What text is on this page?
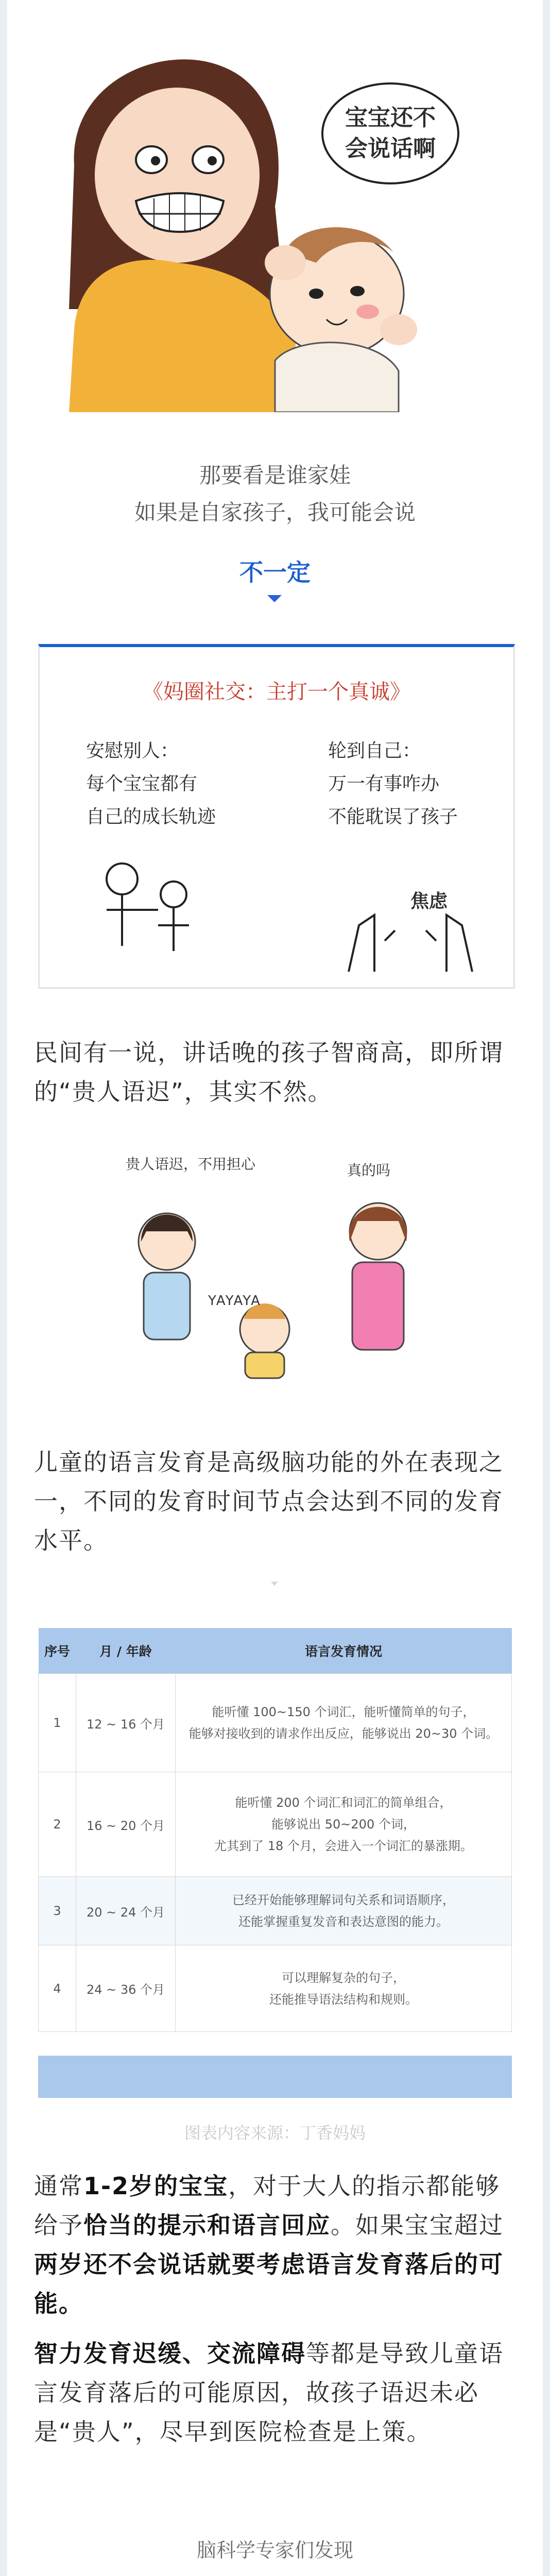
宝宝还不
会说话啊
那要看是谁家娃
如果是自家孩子，我可能会说
不一定
《妈圈社交：主打一个真诚》
安慰别人：
每个宝宝都有
自己的成长轨迹
轮到自己：
万一有事咋办
不能耽误了孩子
焦虑
民间有一说，讲话晚的孩子智商高，即所谓的“贵人语迟”，其实不然。
贵人语迟，不用担心	真的吗
YAYAYA
儿童的语言发育是高级脑功能的外在表现之一，不同的发育时间节点会达到不同的发育水平。
序号	月 / 年龄	语言发育情况
1	12 ~ 16 个月	能听懂 100~150 个词汇，能听懂简单的句子，
能够对接收到的请求作出反应，能够说出 20~30 个词。

2	16 ~ 20 个月	能听懂 200 个词汇和词汇的简单组合，
能够说出 50~200 个词，
尤其到了 18 个月，会进入一个词汇的暴涨期。

3	20 ~ 24 个月	已经开始能够理解词句关系和词语顺序，
还能掌握重复发音和表达意图的能力。

4	24 ~ 36 个月	可以理解复杂的句子，
还能推导语法结构和规则。
图表内容来源：丁香妈妈
通常1-2岁的宝宝，对于大人的指示都能够给予恰当的提示和语言回应。如果宝宝超过两岁还不会说话就要考虑语言发育落后的可能。
智力发育迟缓、交流障碍等都是导致儿童语言发育落后的可能原因，故孩子语迟未必是“贵人”，尽早到医院检查是上策。
脑科学专家们发现
